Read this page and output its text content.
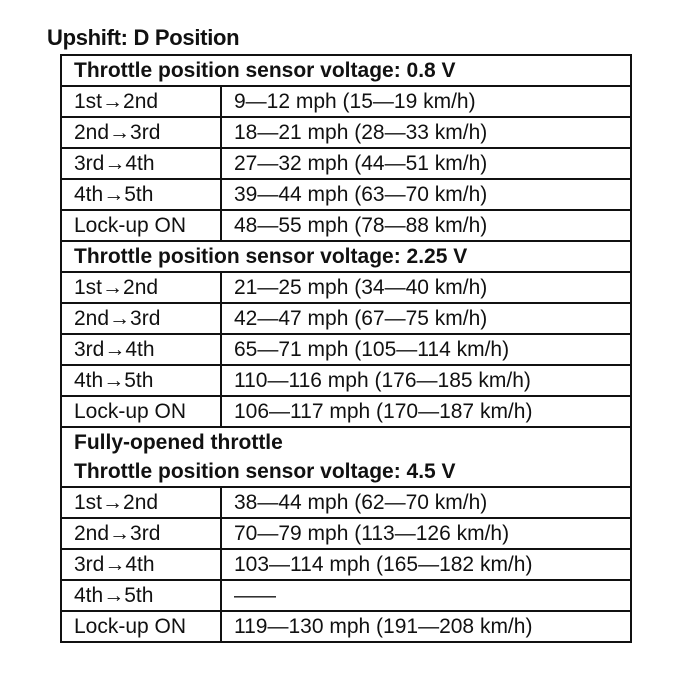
Upshift: D Position
Throttle position sensor voltage: 0.8 V	
1st→2nd	9—12 mph (15—19 km/h)
2nd→3rd	18—21 mph (28—33 km/h)
3rd→4th	27—32 mph (44—51 km/h)
4th→5th	39—44 mph (63—70 km/h)
Lock-up ON	48—55 mph (78—88 km/h)
Throttle position sensor voltage: 2.25 V	
1st→2nd	21—25 mph (34—40 km/h)
2nd→3rd	42—47 mph (67—75 km/h)
3rd→4th	65—71 mph (105—114 km/h)
4th→5th	110—116 mph (176—185 km/h)
Lock-up ON	106—117 mph (170—187 km/h)
Fully-opened throttle	
Throttle position sensor voltage: 4.5 V	
1st→2nd	38—44 mph (62—70 km/h)
2nd→3rd	70—79 mph (113—126 km/h)
3rd→4th	103—114 mph (165—182 km/h)
4th→5th	——
Lock-up ON	119—130 mph (191—208 km/h)
